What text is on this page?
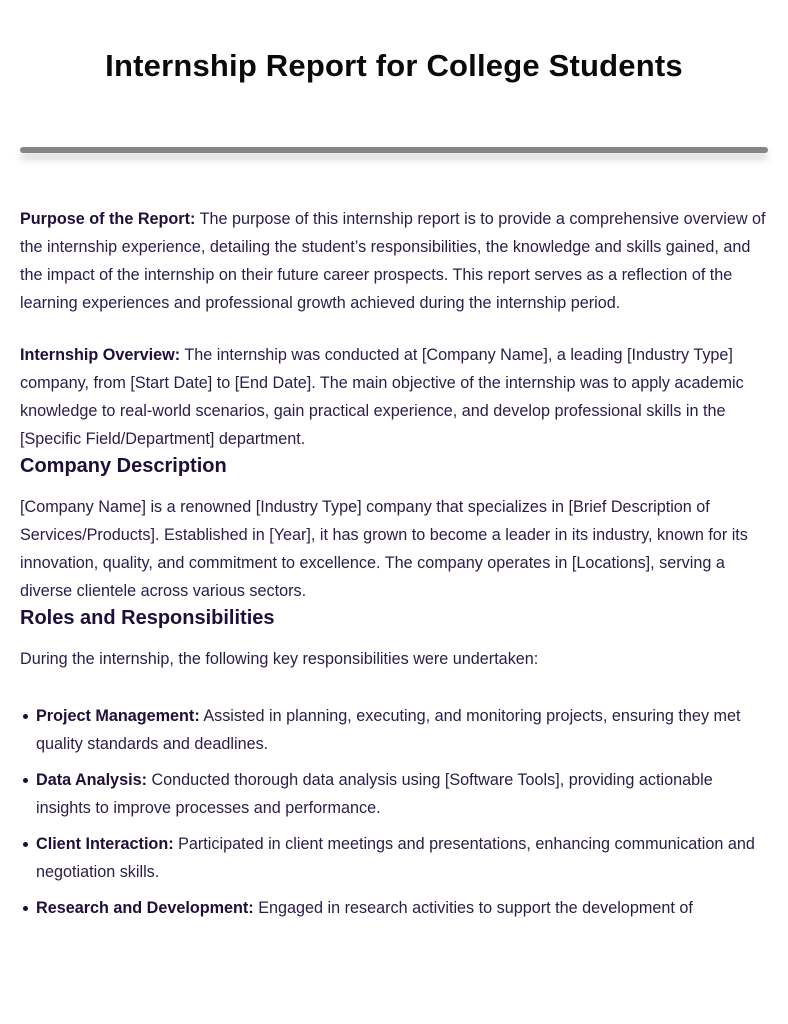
Internship Report for College Students

Purpose of the Report: The purpose of this internship report is to provide a comprehensive overview of the internship experience, detailing the student’s responsibilities, the knowledge and skills gained, and the impact of the internship on their future career prospects. This report serves as a reflection of the learning experiences and professional growth achieved during the internship period.

Internship Overview: The internship was conducted at [Company Name], a leading [Industry Type] company, from [Start Date] to [End Date]. The main objective of the internship was to apply academic knowledge to real-world scenarios, gain practical experience, and develop professional skills in the [Specific Field/Department] department.

Company Description

[Company Name] is a renowned [Industry Type] company that specializes in [Brief Description of Services/Products]. Established in [Year], it has grown to become a leader in its industry, known for its innovation, quality, and commitment to excellence. The company operates in [Locations], serving a diverse clientele across various sectors.

Roles and Responsibilities

During the internship, the following key responsibilities were undertaken:

Project Management: Assisted in planning, executing, and monitoring projects, ensuring they met quality standards and deadlines.
Data Analysis: Conducted thorough data analysis using [Software Tools], providing actionable insights to improve processes and performance.
Client Interaction: Participated in client meetings and presentations, enhancing communication and negotiation skills.
Research and Development: Engaged in research activities to support the development of
